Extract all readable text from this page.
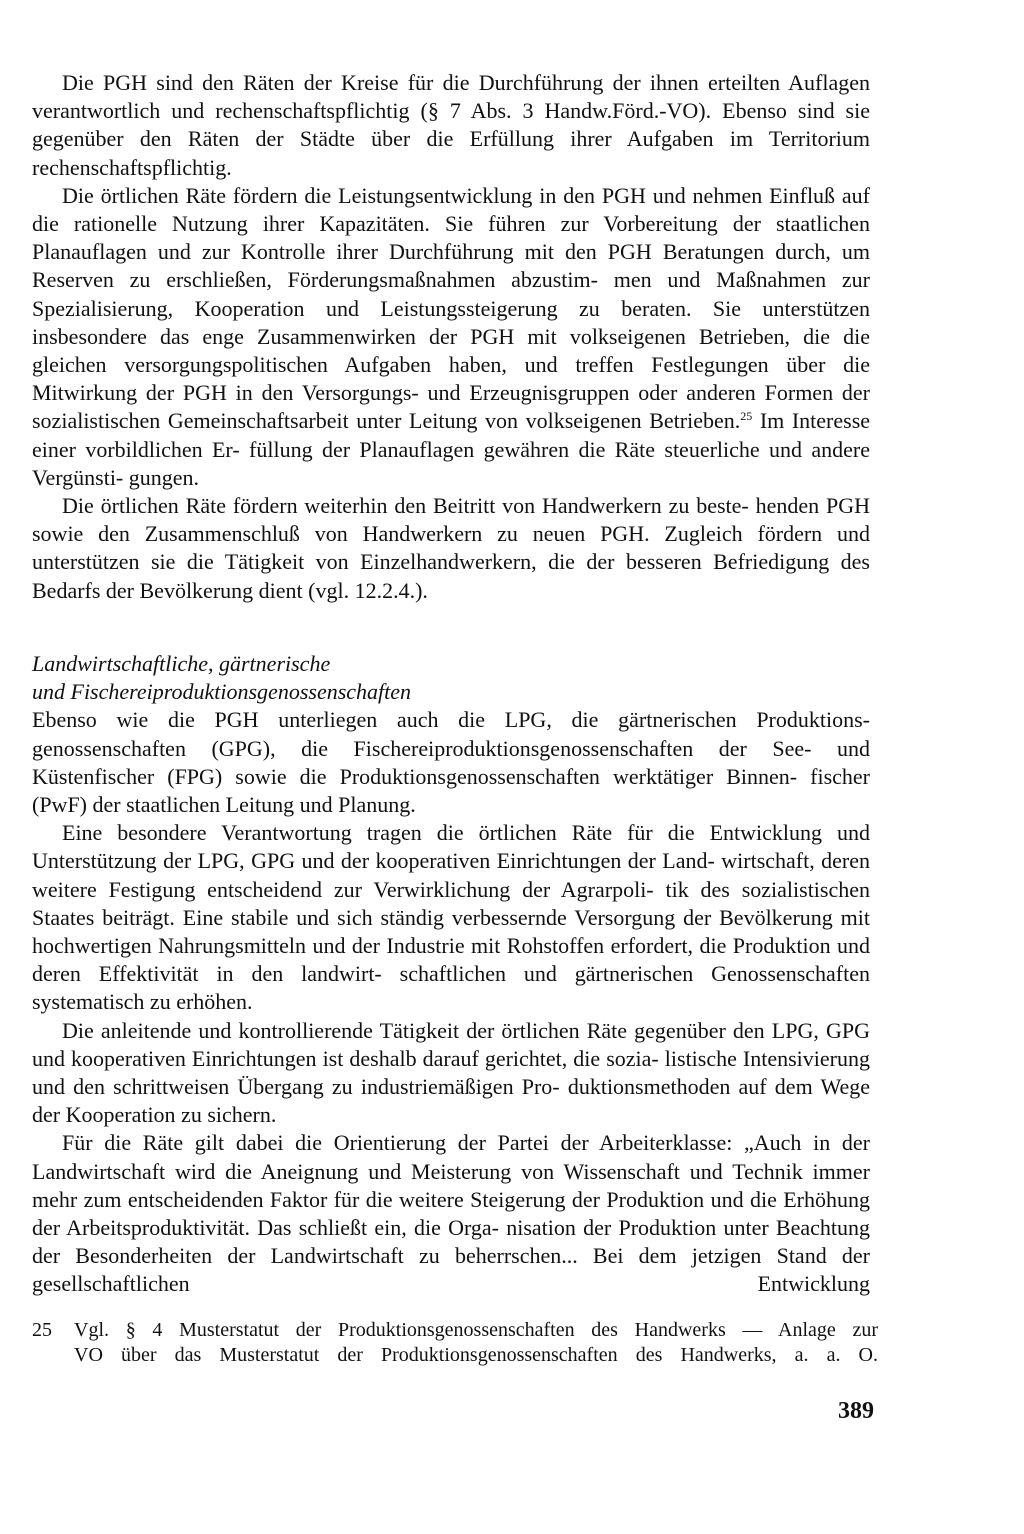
Die PGH sind den Räten der Kreise für die Durchführung der ihnen erteilten Auflagen verantwortlich und rechenschaftspflichtig (§ 7 Abs. 3 Handw.Förd.-VO). Ebenso sind sie gegenüber den Räten der Städte über die Erfüllung ihrer Aufgaben im Territorium rechenschaftspflichtig.

Die örtlichen Räte fördern die Leistungsentwicklung in den PGH und nehmen Einfluß auf die rationelle Nutzung ihrer Kapazitäten. Sie führen zur Vorbereitung der staatlichen Planauflagen und zur Kontrolle ihrer Durchführung mit den PGH Beratungen durch, um Reserven zu erschließen, Förderungsmaßnahmen abzustim- men und Maßnahmen zur Spezialisierung, Kooperation und Leistungssteigerung zu beraten. Sie unterstützen insbesondere das enge Zusammenwirken der PGH mit volkseigenen Betrieben, die die gleichen versorgungspolitischen Aufgaben haben, und treffen Festlegungen über die Mitwirkung der PGH in den Versorgungs- und Erzeugnisgruppen oder anderen Formen der sozialistischen Gemeinschaftsarbeit unter Leitung von volkseigenen Betrieben.$^{25}$ Im Interesse einer vorbildlichen Er- füllung der Planauflagen gewähren die Räte steuerliche und andere Vergünsti- gungen.

Die örtlichen Räte fördern weiterhin den Beitritt von Handwerkern zu beste- henden PGH sowie den Zusammenschluß von Handwerkern zu neuen PGH. Zugleich fördern und unterstützen sie die Tätigkeit von Einzelhandwerkern, die der besseren Befriedigung des Bedarfs der Bevölkerung dient (vgl. 12.2.4.).

Landwirtschaftliche, gärtnerische
und Fischereiproduktionsgenossenschaften

Ebenso wie die PGH unterliegen auch die LPG, die gärtnerischen Produktions- genossenschaften (GPG), die Fischereiproduktionsgenossenschaften der See- und Küstenfischer (FPG) sowie die Produktionsgenossenschaften werktätiger Binnen- fischer (PwF) der staatlichen Leitung und Planung.

Eine besondere Verantwortung tragen die örtlichen Räte für die Entwicklung und Unterstützung der LPG, GPG und der kooperativen Einrichtungen der Land- wirtschaft, deren weitere Festigung entscheidend zur Verwirklichung der Agrarpoli- tik des sozialistischen Staates beiträgt. Eine stabile und sich ständig verbessernde Versorgung der Bevölkerung mit hochwertigen Nahrungsmitteln und der Industrie mit Rohstoffen erfordert, die Produktion und deren Effektivität in den landwirt- schaftlichen und gärtnerischen Genossenschaften systematisch zu erhöhen.

Die anleitende und kontrollierende Tätigkeit der örtlichen Räte gegenüber den LPG, GPG und kooperativen Einrichtungen ist deshalb darauf gerichtet, die sozia- listische Intensivierung und den schrittweisen Übergang zu industriemäßigen Pro- duktionsmethoden auf dem Wege der Kooperation zu sichern.

Für die Räte gilt dabei die Orientierung der Partei der Arbeiterklasse: „Auch in der Landwirtschaft wird die Aneignung und Meisterung von Wissenschaft und Technik immer mehr zum entscheidenden Faktor für die weitere Steigerung der Produktion und die Erhöhung der Arbeitsproduktivität. Das schließt ein, die Orga- nisation der Produktion unter Beachtung der Besonderheiten der Landwirtschaft zu beherrschen... Bei dem jetzigen Stand der gesellschaftlichen Entwicklung

25	Vgl. § 4 Musterstatut der Produktionsgenossenschaften des Handwerks — Anlage zur
VO über das Musterstatut der Produktionsgenossenschaften des Handwerks, a. a. O.
389
